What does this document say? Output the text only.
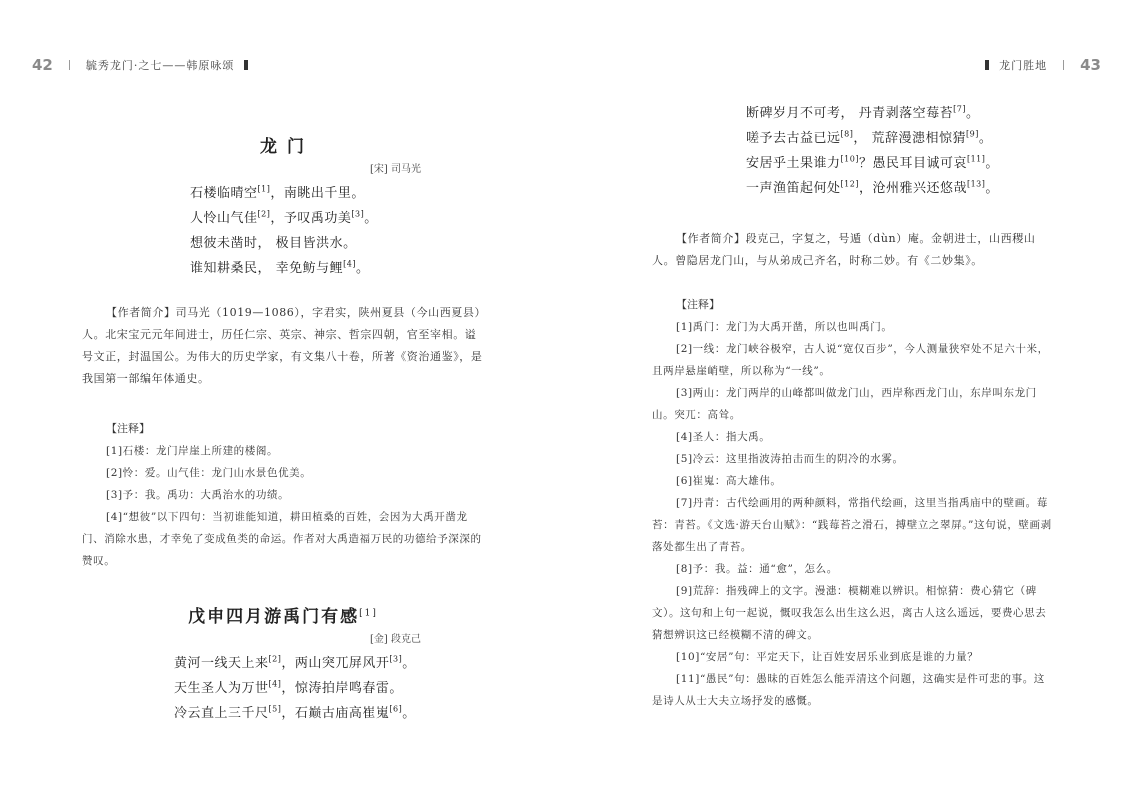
42	毓秀龙门·之七——韩原咏颂
龙 门
[宋] 司马光
石楼临晴空[1]，南眺出千里。
人怜山气佳[2]，予叹禹功美[3]。
想彼未凿时， 极目皆洪水。
谁知耕桑民， 幸免鲂与鲤[4]。

【作者简介】司马光（1019—1086），字君实，陕州夏县（今山西夏县）人。北宋宝元元年间进士，历任仁宗、英宗、神宗、哲宗四朝，官至宰相。谥号文正，封温国公。为伟大的历史学家，有文集八十卷，所著《资治通鉴》，是我国第一部编年体通史。

【注释】
[1]石楼：龙门岸崖上所建的楼阁。
[2]怜：爱。山气佳：龙门山水景色优美。
[3]予：我。禹功：大禹治水的功绩。
[4]“想彼”以下四句：当初谁能知道，耕田植桑的百姓，会因为大禹开凿龙门、消除水患，才幸免了变成鱼类的命运。作者对大禹造福万民的功德给予深深的赞叹。
戊申四月游禹门有感[1]
[金] 段克己
黄河一线天上来[2]，两山突兀屏风开[3]。
天生圣人为万世[4]，惊涛拍岸鸣春雷。
冷云直上三千尺[5]，石巅古庙高崔嵬[6]。
龙门胜地 43
断碑岁月不可考， 丹青剥落空莓苔[7]。
嗟予去古益已远[8]， 荒辞漫漶相惊猜[9]。
安居乎土果谁力[10]？愚民耳目诚可哀[11]。
一声渔笛起何处[12]，沧州雅兴还悠哉[13]。

【作者简介】段克己，字复之，号遁（dùn）庵。金朝进士，山西稷山人。曾隐居龙门山，与从弟成己齐名，时称二妙。有《二妙集》。

【注释】
[1]禹门：龙门为大禹开凿，所以也叫禹门。
[2]一线：龙门峡谷极窄，古人说“宽仅百步”，今人测量狭窄处不足六十米，且两岸悬崖峭壁，所以称为“一线”。
[3]两山：龙门两岸的山峰都叫做龙门山，西岸称西龙门山，东岸叫东龙门山。突兀：高耸。
[4]圣人：指大禹。
[5]冷云：这里指波涛拍击而生的阴冷的水雾。
[6]崔嵬：高大雄伟。
[7]丹青：古代绘画用的两种颜料，常指代绘画，这里当指禹庙中的壁画。莓苔：青苔。《文选·游天台山赋》：“践莓苔之滑石，搏壁立之翠屏。”这句说，壁画剥落处都生出了青苔。
[8]予：我。益：通“愈”，怎么。
[9]荒辞：指残碑上的文字。漫漶：模糊难以辨识。相惊猜：费心猜它（碑文）。这句和上句一起说，慨叹我怎么出生这么迟，离古人这么遥远，要费心思去猜想辨识这已经模糊不清的碑文。
[10]“安居”句：平定天下，让百姓安居乐业到底是谁的力量？
[11]“愚民”句：愚昧的百姓怎么能弄清这个问题，这确实是件可悲的事。这是诗人从士大夫立场抒发的感慨。
